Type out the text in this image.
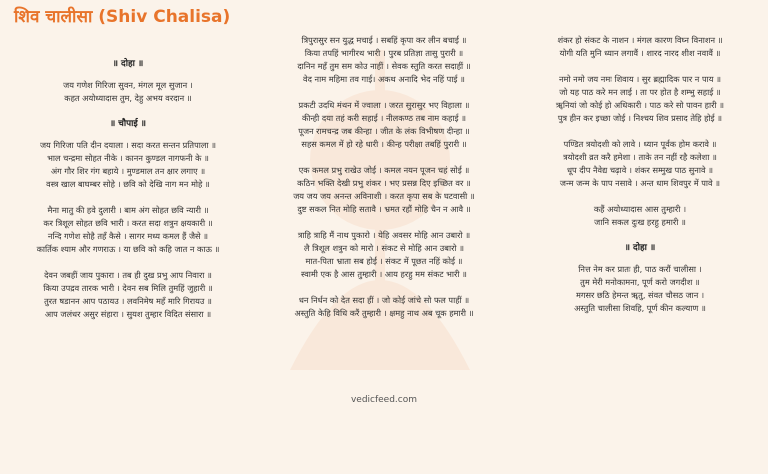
शिव चालीसा (Shiv Chalisa)
॥ दोहा ॥
जय गणेश गिरिजा सुवन, मंगल मूल सुजान ।
कहत अयोध्यादास तुम, देहु अभय वरदान ॥
॥ चौपाई ॥
जय गिरिजा पति दीन दयाला । सदा करत सन्तन प्रतिपाला ॥
भाल चन्द्रमा सोहत नीके । कानन कुण्डल नागफनी के ॥
अंग गौर शिर गंग बहाये । मुण्डमाल तन क्षार लगाए ॥
वस्त्र खाल बाघम्बर सोहे । छवि को देखि नाग मन मोहे ॥
मैना मातु की हवे दुलारी । बाम अंग सोहत छवि न्यारी ॥
कर त्रिशूल सोहत छवि भारी । करत सदा शत्रुन क्षयकारी ॥
नन्दि गणेश सोहै तहँ कैसे । सागर मध्य कमल हैं जैसे ॥
कार्तिक श्याम और गणराऊ । या छवि को कहि जात न काऊ ॥
देवन जबहीं जाय पुकारा । तब ही दुख प्रभु आप निवारा ॥
किया उपद्रव तारक भारी । देवन सब मिलि तुमहिं जुहारी ॥
तुरत षडानन आप पठायउ । लवनिमेष महँ मारि गिरायउ ॥
आप जलंधर असुर संहारा । सुयश तुम्हार विदित संसारा ॥
त्रिपुरासुर सन युद्ध मचाई । सबहिं कृपा कर लीन बचाई ॥
किया तपहिं भागीरथ भारी । पुरब प्रतिज्ञा तासु पुरारी ॥
दानिन महँ तुम सम कोउ नाहीं । सेवक स्तुति करत सदाहीं ॥
वेद नाम महिमा तव गाई। अकथ अनादि भेद नहिं पाई ॥
प्रकटी उदधि मंथन में ज्वाला । जरत सुरासुर भए विहाला ॥
कीन्ही दया तहं करी सहाई । नीलकण्ठ तब नाम कहाई ॥
पूजन रामचन्द्र जब कीन्हा । जीत के लंक विभीषण दीन्हा ॥
सहस कमल में हो रहे धारी । कीन्ह परीक्षा तबहिं पुरारी ॥
एक कमल प्रभु राखेउ जोई । कमल नयन पूजन चहं सोई ॥
कठिन भक्ति देखी प्रभु शंकर । भए प्रसन्न दिए इच्छित वर ॥
जय जय जय अनन्त अविनाशी । करत कृपा सब के घटवासी ॥
दुष्ट सकल नित मोहि सतावै । भ्रमत रहौं मोहि चैन न आवै ॥
त्राहि त्राहि मैं नाथ पुकारो । येहि अवसर मोहि आन उबारो ॥
लै त्रिशूल शत्रुन को मारो । संकट से मोहि आन उबारो ॥
मात-पिता भ्राता सब होई । संकट में पूछत नहिं कोई ॥
स्वामी एक है आस तुम्हारी । आय हरहु मम संकट भारी ॥
धन निर्धन को देत सदा हीं । जो कोई जांचे सो फल पाहीं ॥
अस्तुति केहि विधि करैं तुम्हारी । क्षमहु नाथ अब चूक हमारी ॥
शंकर हो संकट के नाशन । मंगल कारण विघ्न विनाशन ॥
योगी यति मुनि ध्यान लगावैं । शारद नारद शीश नवावैं ॥
नमो नमो जय नमः शिवाय । सुर ब्रह्मादिक पार न पाय ॥
जो यह पाठ करे मन लाई । ता पर होत है शम्भु सहाई ॥
ॠनियां जो कोई हो अधिकारी । पाठ करे सो पावन हारी ॥
पुत्र हीन कर इच्छा जोई । निश्चय शिव प्रसाद तेहि होई ॥
पण्डित त्रयोदशी को लावे । ध्यान पूर्वक होम करावे ॥
त्रयोदशी व्रत करै हमेशा । ताके तन नहीं रहै कलेशा ॥
धूप दीप नैवेद्य चढ़ावे । शंकर सम्मुख पाठ सुनावे ॥
जन्म जन्म के पाप नसावे । अन्त धाम शिवपुर में पावे ॥
कहैं अयोध्यादास आस तुम्हारी ।
जानि सकल दुःख हरहु हमारी ॥
॥ दोहा ॥
नित्त नेम कर प्रातः ही, पाठ करौं चालीसा ।
तुम मेरी मनोकामना, पूर्ण करो जगदीश ॥
मगसर छठि हेमन्त ॠतु, संवत चौसठ जान ।
अस्तुति चालीसा शिवहि, पूर्ण कीन कल्याण ॥
vedicfeed.com
